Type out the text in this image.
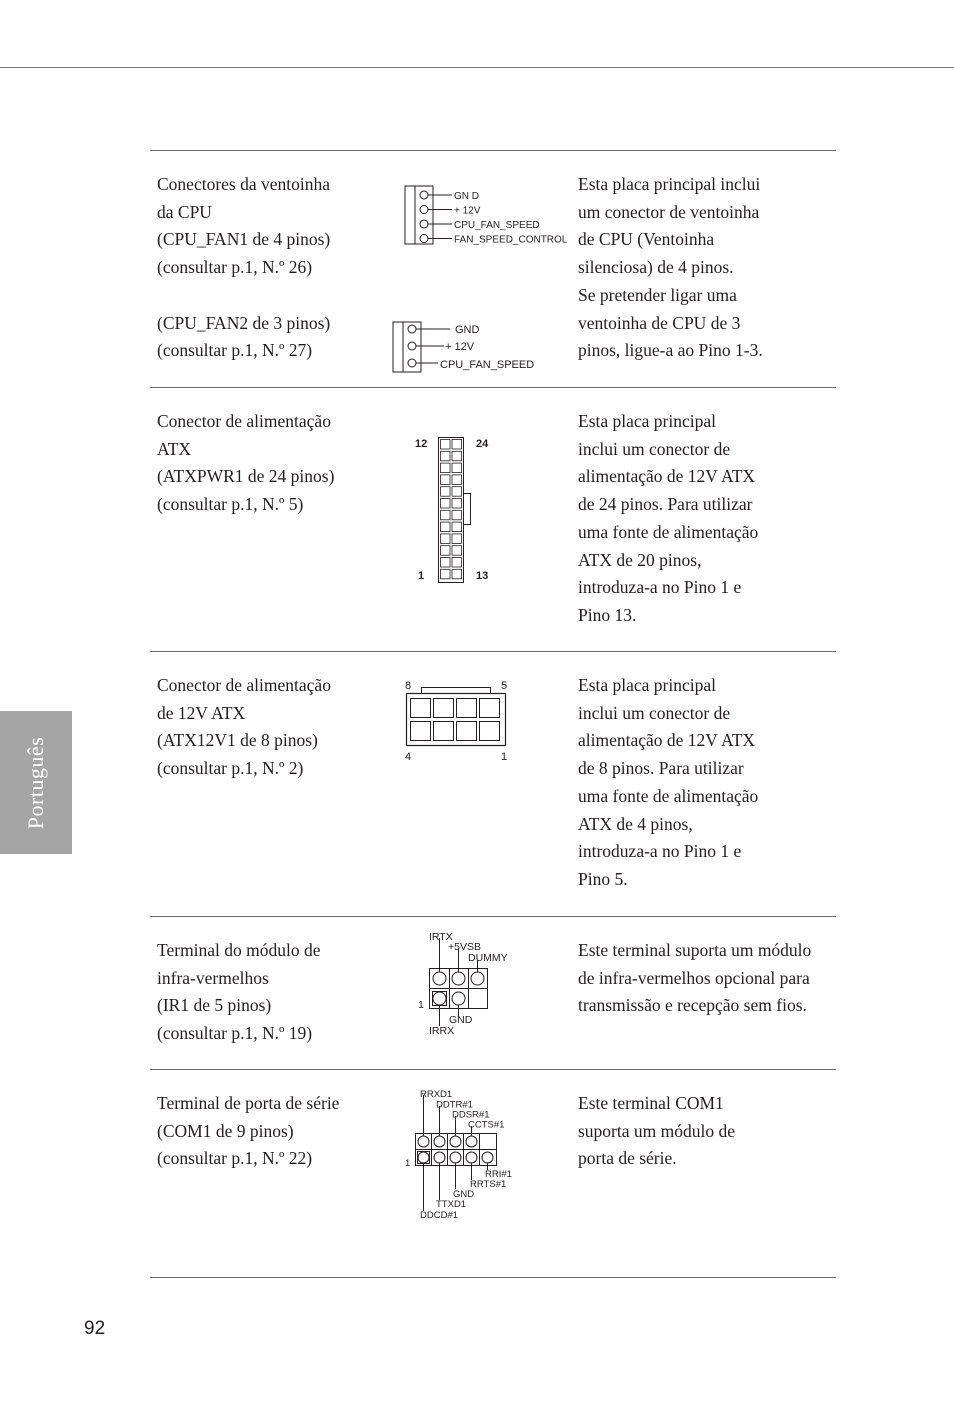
Português
92
Conectores da ventoinha
da CPU
(CPU_FAN1 de 4 pinos)
(consultar p.1, N.º 26)
(CPU_FAN2 de 3 pinos)
(consultar p.1, N.º 27)
Esta placa principal inclui
um conector de ventoinha
de CPU (Ventoinha
silenciosa) de 4 pinos.
Se pretender ligar uma
ventoinha de CPU de 3
pinos, ligue-a ao Pino 1-3.
GN D
+ 12V
CPU_FAN_SPEED
FAN_SPEED_CONTROL
GND
+ 12V
CPU_FAN_SPEED
Conector de alimentação
ATX
(ATXPWR1 de 24 pinos)
(consultar p.1, N.º 5)
Esta placa principal
inclui um conector de
alimentação de 12V ATX
de 24 pinos. Para utilizar
uma fonte de alimentação
ATX de 20 pinos,
introduza-a no Pino 1 e
Pino 13.
12	24
1	13
Conector de alimentação
de 12V ATX
(ATX12V1 de 8 pinos)
(consultar p.1, N.º 2)
Esta placa principal
inclui um conector de
alimentação de 12V ATX
de 8 pinos. Para utilizar
uma fonte de alimentação
ATX de 4 pinos,
introduza-a no Pino 1 e
Pino 5.
8	5
4	1
Terminal do módulo de
infra-vermelhos
(IR1 de 5 pinos)
(consultar p.1, N.º 19)
Este terminal suporta um módulo
de infra-vermelhos opcional para
transmissão e recepção sem fios.
IRTX
+5VSB
DUMMY
1
GND
IRRX
Terminal de porta de série
(COM1 de 9 pinos)
(consultar p.1, N.º 22)
Este terminal COM1
suporta um módulo de
porta de série.
RRXD1
DDTR#1
DDSR#1
CCTS#1
1
RRI#1
RRTS#1
GND
TTXD1
DDCD#1
